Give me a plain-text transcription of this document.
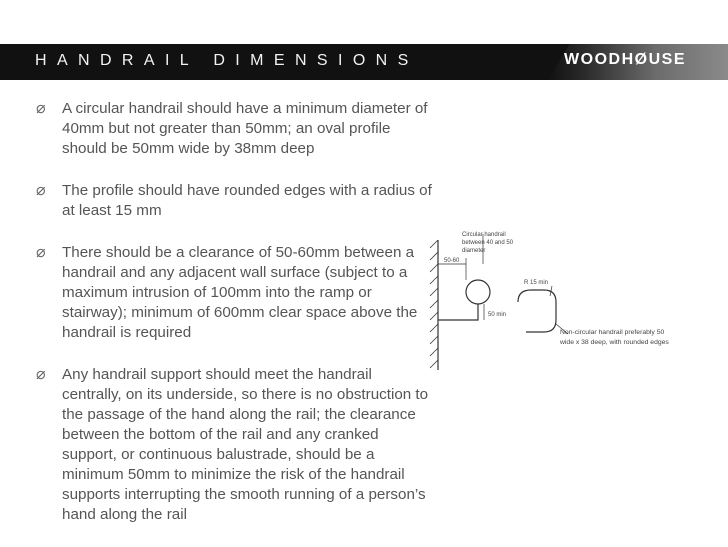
HANDRAIL DIMENSIONS	WOODHØUSE
⌀	A circular handrail should have a minimum diameter of 40mm but not greater than 50mm; an oval profile should be 50mm wide by 38mm deep
⌀	The profile should have rounded edges with a radius of at least 15 mm
⌀	There should be a clearance of 50-60mm between a handrail and any adjacent wall surface (subject to a maximum intrusion of 100mm into the ramp or stairway); minimum of 600mm clear space above the handrail is required
⌀	Any handrail support should meet the handrail centrally, on its underside, so there is no obstruction to the passage of the hand along the rail; the clearance between the bottom of the rail and any cranked support, or continuous balustrade, should be a minimum 50mm to minimize the risk of the handrail supports interrupting the smooth running of a person’s hand along the rail
50-60
Circular handrail
between 40 and 50
diameter
50 min
R 15 min
Non-circular handrail preferably 50
wide x 38 deep, with rounded edges
